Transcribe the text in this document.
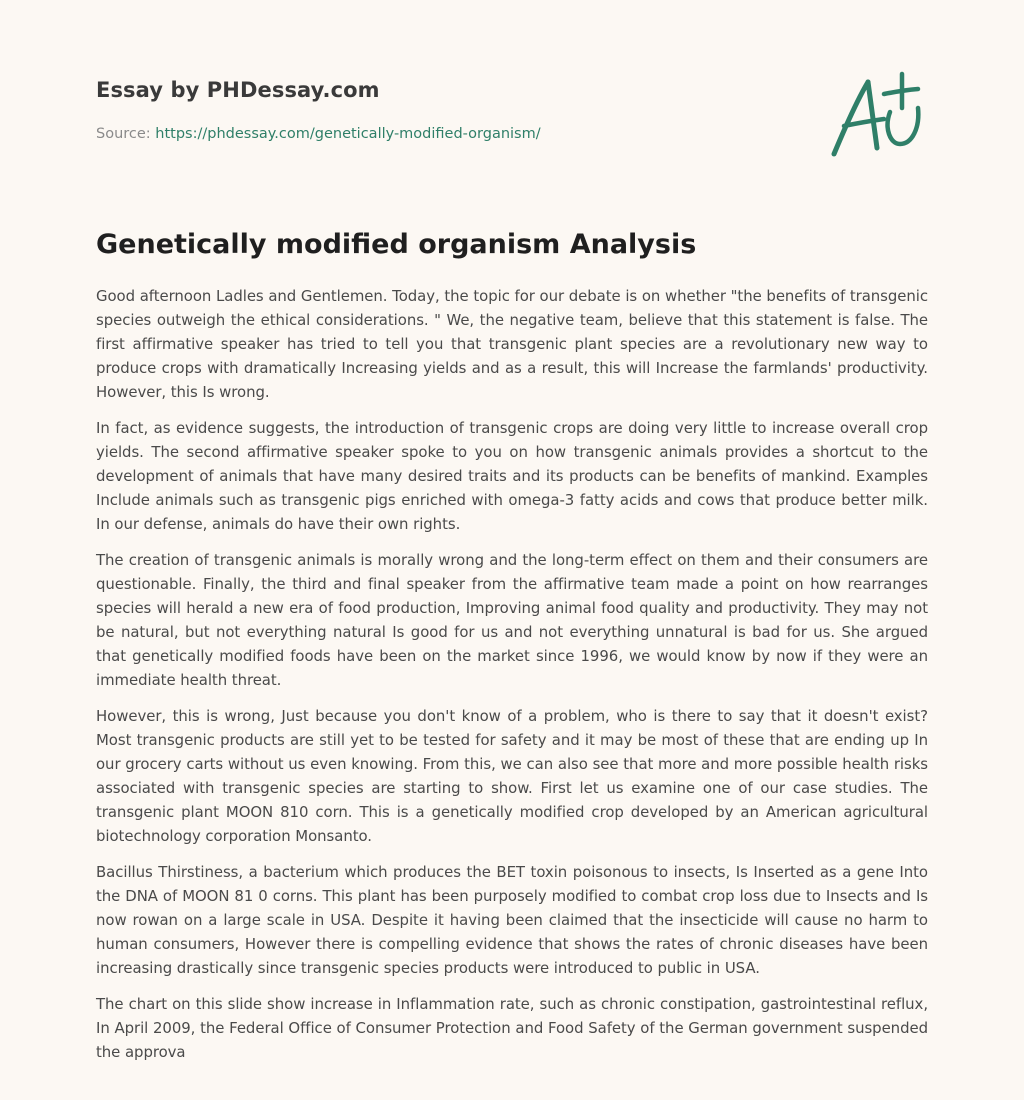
Essay by PHDessay.com
Source: https://phdessay.com/genetically-modified-organism/
Genetically modified organism Analysis

Good afternoon Ladles and Gentlemen. Today, the topic for our debate is on whether "the benefits of transgenic species outweigh the ethical considerations. " We, the negative team, believe that this statement is false. The first affirmative speaker has tried to tell you that transgenic plant species are a revolutionary new way to produce crops with dramatically Increasing yields and as a result, this will Increase the farmlands' productivity. However, this Is wrong.

In fact, as evidence suggests, the introduction of transgenic crops are doing very little to increase overall crop yields. The second affirmative speaker spoke to you on how transgenic animals provides a shortcut to the development of animals that have many desired traits and its products can be benefits of mankind. Examples Include animals such as transgenic pigs enriched with omega-3 fatty acids and cows that produce better milk. In our defense, animals do have their own rights.

The creation of transgenic animals is morally wrong and the long-term effect on them and their consumers are questionable. Finally, the third and final speaker from the affirmative team made a point on how rearranges species will herald a new era of food production, Improving animal food quality and productivity. They may not be natural, but not everything natural Is good for us and not everything unnatural is bad for us. She argued that genetically modified foods have been on the market since 1996, we would know by now if they were an immediate health threat.

However, this is wrong, Just because you don't know of a problem, who is there to say that it doesn't exist? Most transgenic products are still yet to be tested for safety and it may be most of these that are ending up In our grocery carts without us even knowing. From this, we can also see that more and more possible health risks associated with transgenic species are starting to show. First let us examine one of our case studies. The transgenic plant MOON 810 corn. This is a genetically modified crop developed by an American agricultural biotechnology corporation Monsanto.

Bacillus Thirstiness, a bacterium which produces the BET toxin poisonous to insects, Is Inserted as a gene Into the DNA of MOON 81 0 corns. This plant has been purposely modified to combat crop loss due to Insects and Is now rowan on a large scale in USA. Despite it having been claimed that the insecticide will cause no harm to human consumers, However there is compelling evidence that shows the rates of chronic diseases have been increasing drastically since transgenic species products were introduced to public in USA.

The chart on this slide show increase in Inflammation rate, such as chronic constipation, gastrointestinal reflux, In April 2009, the Federal Office of Consumer Protection and Food Safety of the German government suspended the approva
